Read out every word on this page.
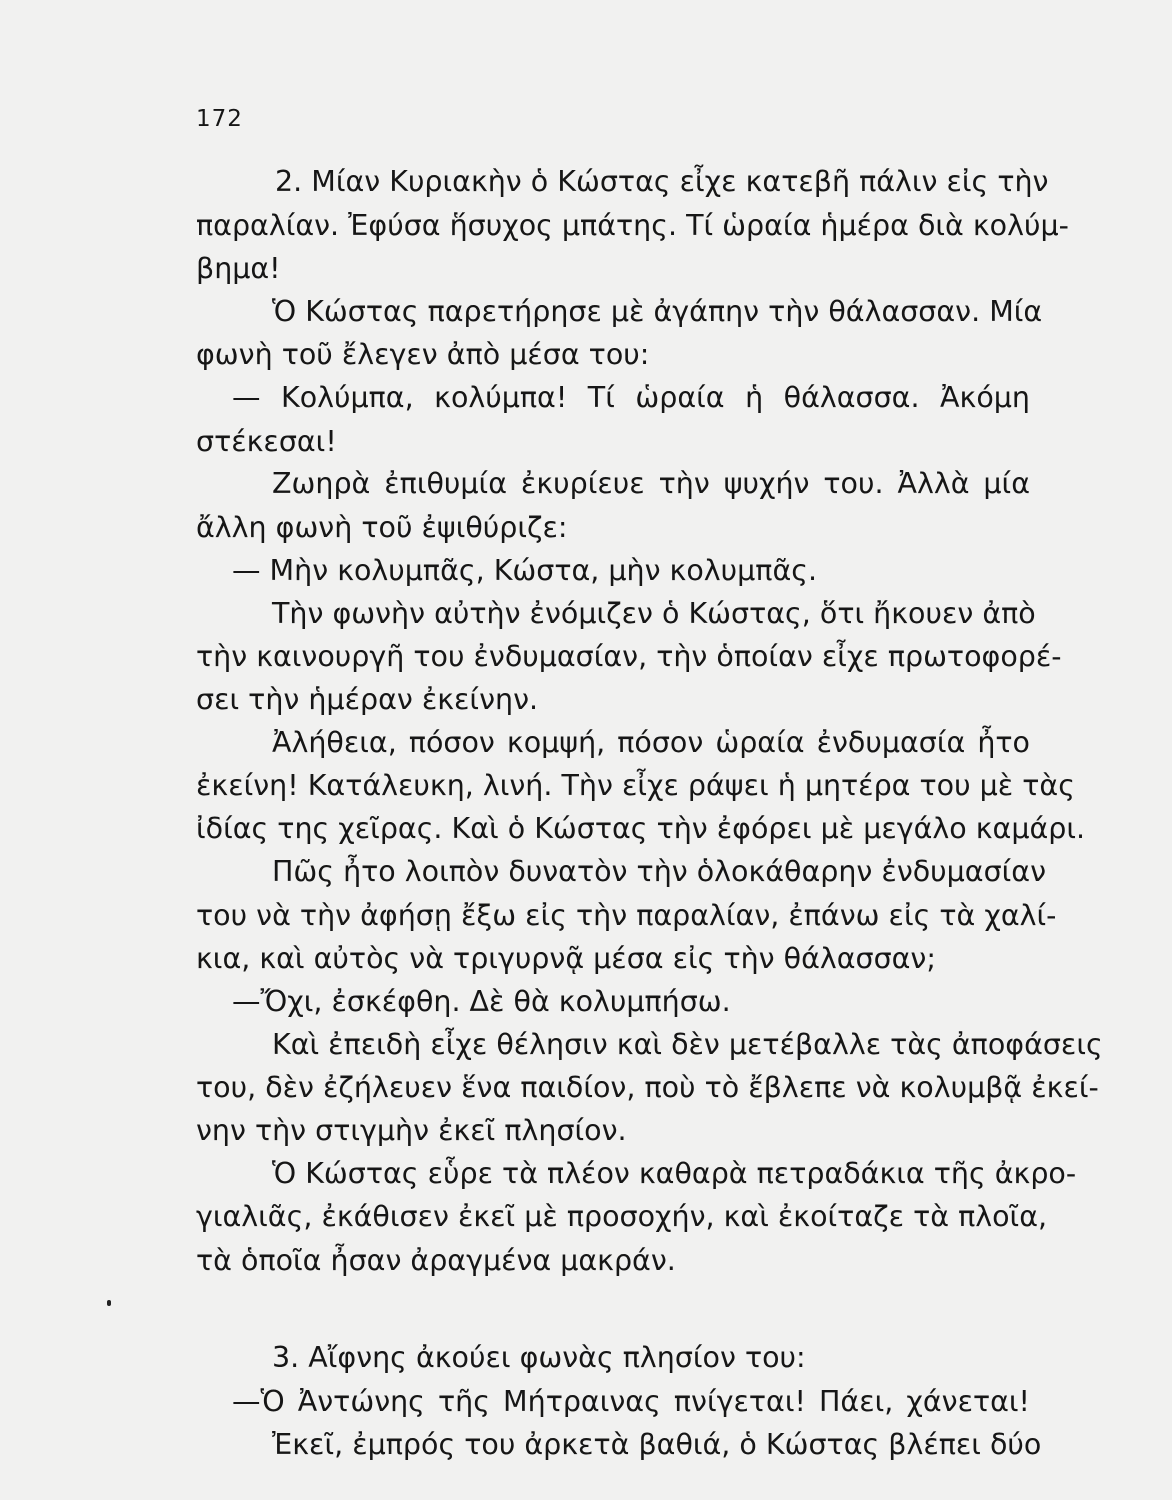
172
2. Μίαν Κυριακὴν ὁ Κώστας εἶχε κατεβῆ πάλιν εἰς τὴν
παραλίαν. Ἐφύσα ἥσυχος μπάτης. Τί ὡραία ἡμέρα διὰ κολύμ-
βημα!
Ὁ Κώστας παρετήρησε μὲ ἀγάπην τὴν θάλασσαν. Μία
φωνὴ τοῦ ἔλεγεν ἀπὸ μέσα του:
— Κολύμπα, κολύμπα! Τί ὡραία ἡ θάλασσα. Ἀκόμη
στέκεσαι!
Ζωηρὰ ἐπιθυμία ἐκυρίευε τὴν ψυχήν του. Ἀλλὰ μία
ἄλλη φωνὴ τοῦ ἐψιθύριζε:
— Μὴν κολυμπᾶς, Κώστα, μὴν κολυμπᾶς.
Τὴν φωνὴν αὐτὴν ἐνόμιζεν ὁ Κώστας, ὅτι ἤκουεν ἀπὸ
τὴν καινουργῆ του ἐνδυμασίαν, τὴν ὁποίαν εἶχε πρωτοφορέ-
σει τὴν ἡμέραν ἐκείνην.
Ἀλήθεια, πόσον κομψή, πόσον ὡραία ἐνδυμασία ἦτο
ἐκείνη! Κατάλευκη, λινή. Τὴν εἶχε ράψει ἡ μητέρα του μὲ τὰς
ἰδίας της χεῖρας. Καὶ ὁ Κώστας τὴν ἐφόρει μὲ μεγάλο καμάρι.
Πῶς ἦτο λοιπὸν δυνατὸν τὴν ὁλοκάθαρην ἐνδυμασίαν
του νὰ τὴν ἀφήσῃ ἔξω εἰς τὴν παραλίαν, ἐπάνω εἰς τὰ χαλί-
κια, καὶ αὐτὸς νὰ τριγυρνᾷ μέσα εἰς τὴν θάλασσαν;
—Ὄχι, ἐσκέφθη. Δὲ θὰ κολυμπήσω.
Καὶ ἐπειδὴ εἶχε θέλησιν καὶ δὲν μετέβαλλε τὰς ἀποφάσεις
του, δὲν ἐζήλευεν ἕνα παιδίον, ποὺ τὸ ἔβλεπε νὰ κολυμβᾷ ἐκεί-
νην τὴν στιγμὴν ἐκεῖ πλησίον.
Ὁ Κώστας εὗρε τὰ πλέον καθαρὰ πετραδάκια τῆς ἀκρο-
γιαλιᾶς, ἐκάθισεν ἐκεῖ μὲ προσοχήν, καὶ ἐκοίταζε τὰ πλοῖα,
τὰ ὁποῖα ἦσαν ἀραγμένα μακράν.
3. Αἴφνης ἀκούει φωνὰς πλησίον του:
—Ὁ Ἀντώνης τῆς Μήτραινας πνίγεται! Πάει, χάνεται!
Ἐκεῖ, ἐμπρός του ἀρκετὰ βαθιά, ὁ Κώστας βλέπει δύο
